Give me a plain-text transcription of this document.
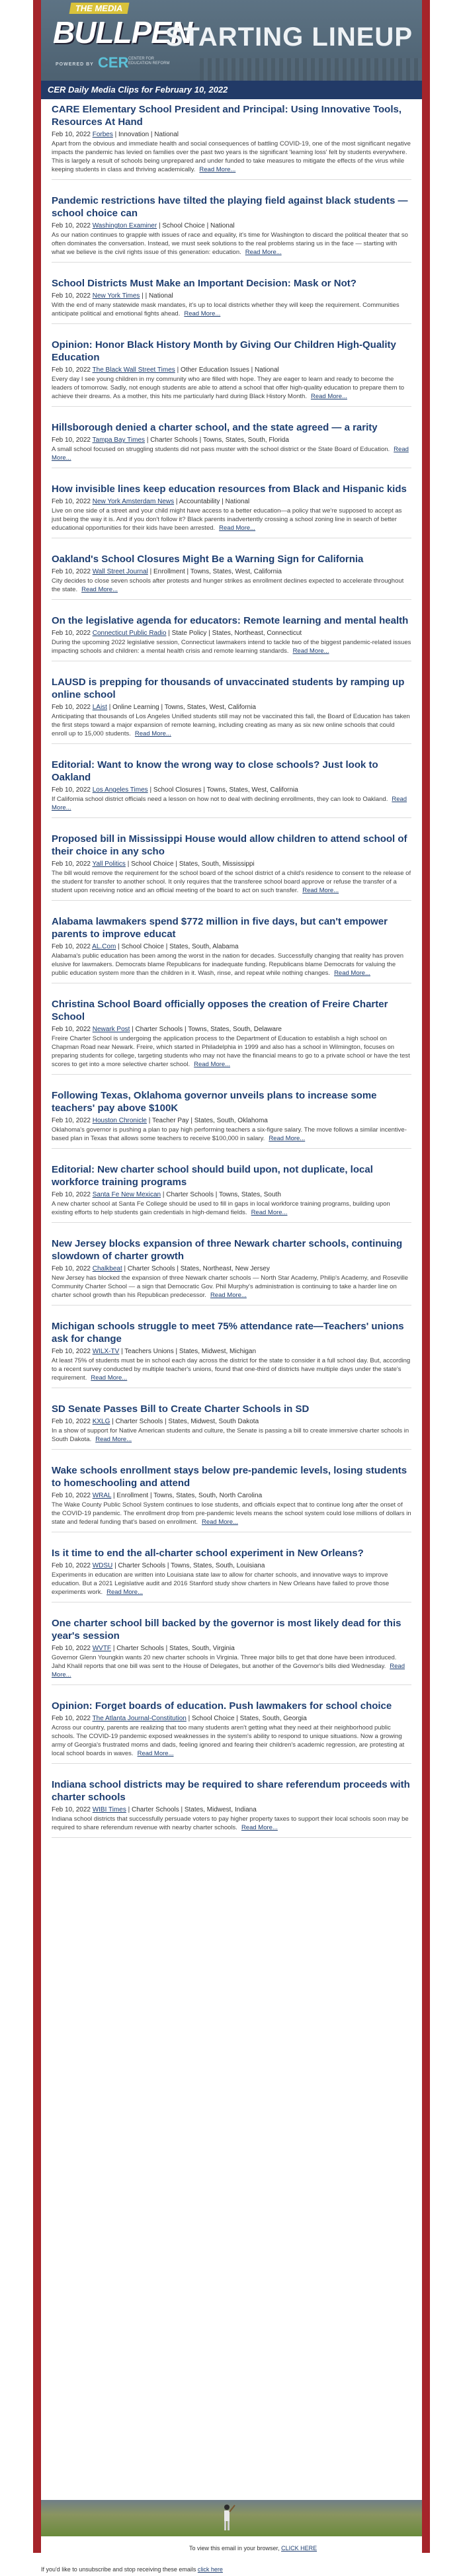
THE MEDIA
BULLPEN
POWERED BY CER CENTER FOR EDUCATION REFORM
STARTING LINEUP
CER Daily Media Clips for February 10, 2022
CARE Elementary School President and Principal: Using Innovative Tools, Resources At Hand
Feb 10, 2022 Forbes | Innovation | National
Apart from the obvious and immediate health and social consequences of battling COVID-19, one of the most significant negative impacts the pandemic has levied on families over the past two years is the significant 'learning loss' felt by students everywhere. This is largely a result of schools being unprepared and under funded to take measures to mitigate the effects of the virus while keeping students in class and thriving academically. Read More...
Pandemic restrictions have tilted the playing field against black students — school choice can
Feb 10, 2022 Washington Examiner | School Choice | National
As our nation continues to grapple with issues of race and equality, it's time for Washington to discard the political theater that so often dominates the conversation. Instead, we must seek solutions to the real problems staring us in the face — starting with what we believe is the civil rights issue of this generation: education. Read More...
School Districts Must Make an Important Decision: Mask or Not?
Feb 10, 2022 New York Times | | National
With the end of many statewide mask mandates, it's up to local districts whether they will keep the requirement. Communities anticipate political and emotional fights ahead. Read More...
Opinion: Honor Black History Month by Giving Our Children High-Quality Education
Feb 10, 2022 The Black Wall Street Times | Other Education Issues | National
Every day I see young children in my community who are filled with hope. They are eager to learn and ready to become the leaders of tomorrow. Sadly, not enough students are able to attend a school that offer high-quality education to prepare them to achieve their dreams. As a mother, this hits me particularly hard during Black History Month. Read More...
Hillsborough denied a charter school, and the state agreed — a rarity
Feb 10, 2022 Tampa Bay Times | Charter Schools | Towns, States, South, Florida
A small school focused on struggling students did not pass muster with the school district or the State Board of Education. Read More...
How invisible lines keep education resources from Black and Hispanic kids
Feb 10, 2022 New York Amsterdam News | Accountability | National
Live on one side of a street and your child might have access to a better education—a policy that we're supposed to accept as just being the way it is. And if you don't follow it? Black parents inadvertently crossing a school zoning line in search of better educational opportunities for their kids have been arrested. Read More...
Oakland's School Closures Might Be a Warning Sign for California
Feb 10, 2022 Wall Street Journal | Enrollment | Towns, States, West, California
City decides to close seven schools after protests and hunger strikes as enrollment declines expected to accelerate throughout the state. Read More...
On the legislative agenda for educators: Remote learning and mental health
Feb 10, 2022 Connecticut Public Radio | State Policy | States, Northeast, Connecticut
During the upcoming 2022 legislative session, Connecticut lawmakers intend to tackle two of the biggest pandemic-related issues impacting schools and children: a mental health crisis and remote learning standards. Read More...
LAUSD is prepping for thousands of unvaccinated students by ramping up online school
Feb 10, 2022 LAist | Online Learning | Towns, States, West, California
Anticipating that thousands of Los Angeles Unified students still may not be vaccinated this fall, the Board of Education has taken the first steps toward a major expansion of remote learning, including creating as many as six new online schools that could enroll up to 15,000 students. Read More...
Editorial: Want to know the wrong way to close schools? Just look to Oakland
Feb 10, 2022 Los Angeles Times | School Closures | Towns, States, West, California
If California school district officials need a lesson on how not to deal with declining enrollments, they can look to Oakland. Read More...
Proposed bill in Mississippi House would allow children to attend school of their choice in any scho
Feb 10, 2022 Yall Politics | School Choice | States, South, Mississippi
The bill would remove the requirement for the school board of the school district of a child's residence to consent to the release of the student for transfer to another school. It only requires that the transferee school board approve or refuse the transfer of a student upon receiving notice and an official meeting of the board to act on such transfer. Read More...
Alabama lawmakers spend $772 million in five days, but can't empower parents to improve educat
Feb 10, 2022 AL.Com | School Choice | States, South, Alabama
Alabama's public education has been among the worst in the nation for decades. Successfully changing that reality has proven elusive for lawmakers. Democrats blame Republicans for inadequate funding. Republicans blame Democrats for valuing the public education system more than the children in it. Wash, rinse, and repeat while nothing changes. Read More...
Christina School Board officially opposes the creation of Freire Charter School
Feb 10, 2022 Newark Post | Charter Schools | Towns, States, South, Delaware
Freire Charter School is undergoing the application process to the Department of Education to establish a high school on Chapman Road near Newark. Freire, which started in Philadelphia in 1999 and also has a school in Wilmington, focuses on preparing students for college, targeting students who may not have the financial means to go to a private school or have the test scores to get into a more selective charter school. Read More...
Following Texas, Oklahoma governor unveils plans to increase some teachers' pay above $100K
Feb 10, 2022 Houston Chronicle | Teacher Pay | States, South, Oklahoma
Oklahoma's governor is pushing a plan to pay high performing teachers a six-figure salary. The move follows a similar incentive-based plan in Texas that allows some teachers to receive $100,000 in salary. Read More...
Editorial: New charter school should build upon, not duplicate, local workforce training programs
Feb 10, 2022 Santa Fe New Mexican | Charter Schools | Towns, States, South
A new charter school at Santa Fe College should be used to fill in gaps in local workforce training programs, building upon existing efforts to help students gain credentials in high-demand fields. Read More...
New Jersey blocks expansion of three Newark charter schools, continuing slowdown of charter growth
Feb 10, 2022 Chalkbeat | Charter Schools | States, Northeast, New Jersey
New Jersey has blocked the expansion of three Newark charter schools — North Star Academy, Philip's Academy, and Roseville Community Charter School — a sign that Democratic Gov. Phil Murphy's administration is continuing to take a harder line on charter school growth than his Republican predecessor. Read More...
Michigan schools struggle to meet 75% attendance rate—Teachers' unions ask for change
Feb 10, 2022 WILX-TV | Teachers Unions | States, Midwest, Michigan
At least 75% of students must be in school each day across the district for the state to consider it a full school day. But, according to a recent survey conducted by multiple teacher's unions, found that one-third of districts have multiple days under the state's requirement. Read More...
SD Senate Passes Bill to Create Charter Schools in SD
Feb 10, 2022 KXLG | Charter Schools | States, Midwest, South Dakota
In a show of support for Native American students and culture, the Senate is passing a bill to create immersive charter schools in South Dakota. Read More...
Wake schools enrollment stays below pre-pandemic levels, losing students to homeschooling and attend
Feb 10, 2022 WRAL | Enrollment | Towns, States, South, North Carolina
The Wake County Public School System continues to lose students, and officials expect that to continue long after the onset of the COVID-19 pandemic. The enrollment drop from pre-pandemic levels means the school system could lose millions of dollars in state and federal funding that's based on enrollment. Read More...
Is it time to end the all-charter school experiment in New Orleans?
Feb 10, 2022 WDSU | Charter Schools | Towns, States, South, Louisiana
Experiments in education are written into Louisiana state law to allow for charter schools, and innovative ways to improve education. But a 2021 Legislative audit and 2016 Stanford study show charters in New Orleans have failed to prove those experiments work. Read More...
One charter school bill backed by the governor is most likely dead for this year's session
Feb 10, 2022 WVTF | Charter Schools | States, South, Virginia
Governor Glenn Youngkin wants 20 new charter schools in Virginia. Three major bills to get that done have been introduced. Jahd Khalil reports that one bill was sent to the House of Delegates, but another of the Governor's bills died Wednesday. Read More...
Opinion: Forget boards of education. Push lawmakers for school choice
Feb 10, 2022 The Atlanta Journal-Constitution | School Choice | States, South, Georgia
Across our country, parents are realizing that too many students aren't getting what they need at their neighborhood public schools. The COVID-19 pandemic exposed weaknesses in the system's ability to respond to unique situations. Now a growing army of Georgia's frustrated moms and dads, feeling ignored and fearing their children's academic regression, are protesting at local school boards in waves. Read More...
Indiana school districts may be required to share referendum proceeds with charter schools
Feb 10, 2022 WIBI Times | Charter Schools | States, Midwest, Indiana
Indiana school districts that successfully persuade voters to pay higher property taxes to support their local schools soon may be required to share referendum revenue with nearby charter schools. Read More...
To view this email in your browser, CLICK HERE
If you'd like to unsubscribe and stop receiving these emails click here
